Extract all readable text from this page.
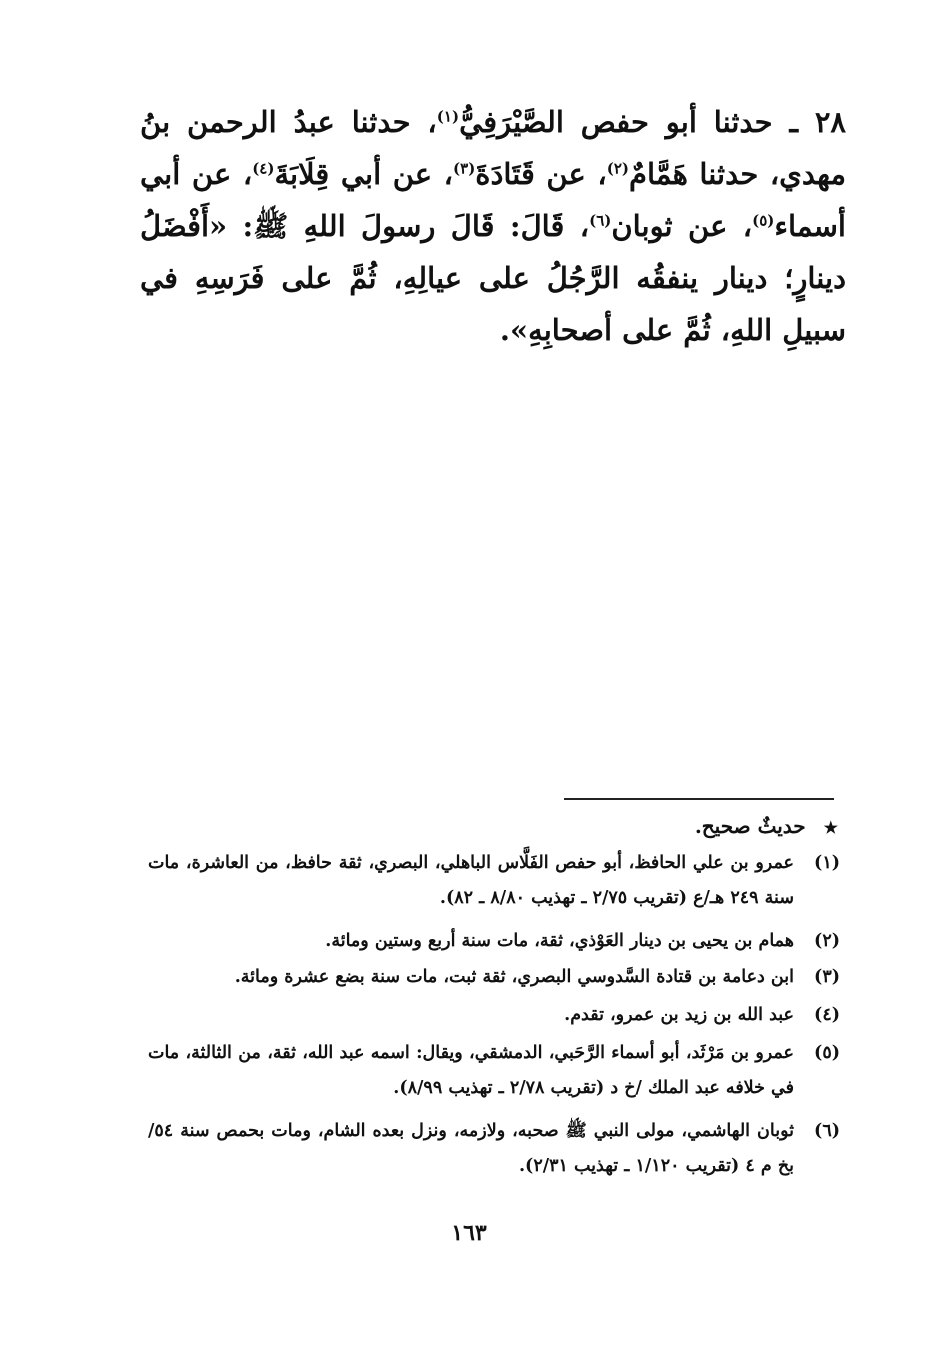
٢٨ ـ حدثنا أبو حفص الصَّيْرَفِيُّ$^{(١)}$، حدثنا عبدُ الرحمن بنُ مهدي، حدثنا هَمَّامٌ$^{(٢)}$، عن قَتَادَةَ$^{(٣)}$، عن أبي قِلَابَةَ$^{(٤)}$، عن أبي أسماء$^{(٥)}$، عن ثوبان$^{(٦)}$، قَالَ: قَالَ رسولَ اللهِ ﷺ: «أَفْضَلُ دينارٍ؛ دينار ينفقُه الرَّجُلُ على عيالِهِ، ثُمَّ على فَرَسِهِ في سبيلِ اللهِ، ثُمَّ على أصحابِهِ».
★حديثٌ صحيح.
(١)
عمرو بن علي الحافظ، أبو حفص الفَلَّاس الباهلي، البصري، ثقة حافظ، من العاشرة، مات سنة ٢٤٩ هـ/ع (تقريب ٢/٧٥ ـ تهذيب ٨/٨٠ ـ ٨٢).
(٢)
همام بن يحيى بن دينار العَوْذي، ثقة، مات سنة أربع وستين ومائة.
(٣)
ابن دعامة بن قتادة السَّدوسي البصري، ثقة ثبت، مات سنة بضع عشرة ومائة.
(٤)
عبد الله بن زيد بن عمرو، تقدم.
(٥)
عمرو بن مَرْثَد، أبو أسماء الرَّحَبي، الدمشقي، ويقال: اسمه عبد الله، ثقة، من الثالثة، مات في خلافه عبد الملك /خ د (تقريب ٢/٧٨ ـ تهذيب ٨/٩٩).
(٦)
ثوبان الهاشمي، مولى النبي ﷺ صحبه، ولازمه، ونزل بعده الشام، ومات بحمص سنة ٥٤/بخ م ٤ (تقريب ١/١٢٠ ـ تهذيب ٢/٣١).
١٦٣
